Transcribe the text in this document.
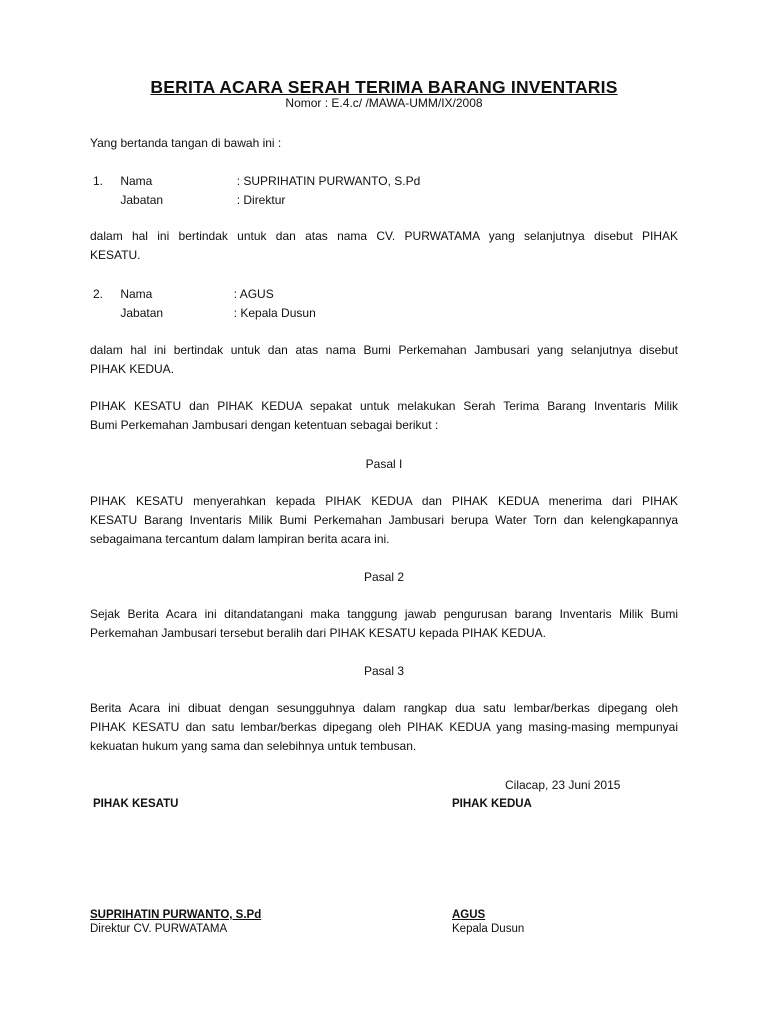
BERITA ACARA SERAH TERIMA BARANG INVENTARIS
Nomor : E.4.c/ /MAWA-UMM/IX/2008
Yang bertanda tangan di bawah ini :
1. Nama	: SUPRIHATIN PURWANTO, S.Pd
Jabatan	: Direktur
dalam hal ini bertindak untuk dan atas nama CV. PURWATAMA yang selanjutnya disebut PIHAK
KESATU.
2. Nama	: AGUS
Jabatan	: Kepala Dusun
dalam hal ini bertindak untuk dan atas nama Bumi Perkemahan Jambusari yang selanjutnya disebut
PIHAK KEDUA.
PIHAK KESATU dan PIHAK KEDUA sepakat untuk melakukan Serah Terima Barang Inventaris Milik
Bumi Perkemahan Jambusari dengan ketentuan sebagai berikut :
Pasal I
PIHAK KESATU menyerahkan kepada PIHAK KEDUA dan PIHAK KEDUA menerima dari PIHAK
KESATU Barang Inventaris Milik Bumi Perkemahan Jambusari berupa Water Torn dan kelengkapannya
sebagaimana tercantum dalam lampiran berita acara ini.
Pasal 2
Sejak Berita Acara ini ditandatangani maka tanggung jawab pengurusan barang Inventaris Milik Bumi
Perkemahan Jambusari tersebut beralih dari PIHAK KESATU kepada PIHAK KEDUA.
Pasal 3
Berita Acara ini dibuat dengan sesungguhnya dalam rangkap dua satu lembar/berkas dipegang oleh
PIHAK KESATU dan satu lembar/berkas dipegang oleh PIHAK KEDUA yang masing-masing mempunyai
kekuatan hukum yang sama dan selebihnya untuk tembusan.
Cilacap, 23 Juni 2015
PIHAK KESATU	PIHAK KEDUA
SUPRIHATIN PURWANTO, S.Pd
Direktur CV. PURWATAMA
AGUS
Kepala Dusun
